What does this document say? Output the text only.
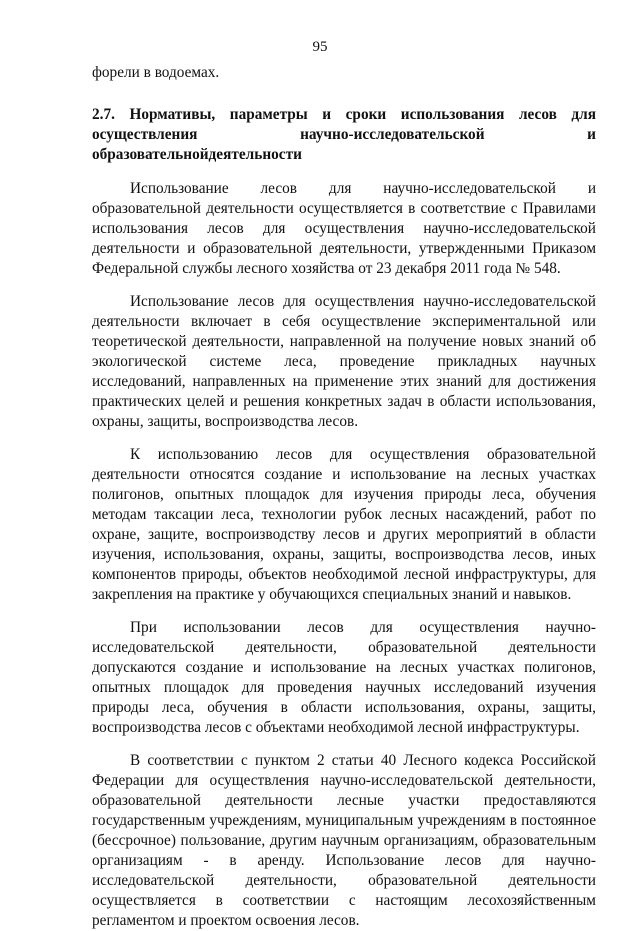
95

форели в водоемах.

2.7. Нормативы, параметры и сроки использования лесов для осуществления научно-исследовательской и
образовательнойдеятельности

Использование лесов для научно-исследовательской и образовательной деятельности осуществляется в соответствие с Правилами использования лесов для осуществления научно-исследовательской деятельности и образовательной деятельности, утвержденными Приказом Федеральной службы лесного хозяйства от 23 декабря 2011 года № 548.

Использование лесов для осуществления научно-исследовательской деятельности включает в себя осуществление экспериментальной или теоретической деятельности, направленной на получение новых знаний об экологической системе леса, проведение прикладных научных исследований, направленных на применение этих знаний для достижения практических целей и решения конкретных задач в области использования, охраны, защиты, воспроизводства лесов.

К использованию лесов для осуществления образовательной деятельности относятся создание и использование на лесных участках полигонов, опытных площадок для изучения природы леса, обучения методам таксации леса, технологии рубок лесных насаждений, работ по охране, защите, воспроизводству лесов и других мероприятий в области изучения, использования, охраны, защиты, воспроизводства лесов, иных компонентов природы, объектов необходимой лесной инфраструктуры, для закрепления на практике у обучающихся специальных знаний и навыков.

При использовании лесов для осуществления научно-исследовательской деятельности, образовательной деятельности допускаются создание и использование на лесных участках полигонов, опытных площадок для проведения научных исследований изучения природы леса, обучения в области использования, охраны, защиты, воспроизводства лесов с объектами необходимой лесной инфраструктуры.

В соответствии с пунктом 2 статьи 40 Лесного кодекса Российской Федерации для осуществления научно-исследовательской деятельности, образовательной деятельности лесные участки предоставляются государственным учреждениям, муниципальным учреждениям в постоянное (бессрочное) пользование, другим научным организациям, образовательным организациям - в аренду. Использование лесов для научно-исследовательской деятельности, образовательной деятельности осуществляется в соответствии с настоящим лесохозяйственным регламентом и проектом освоения лесов.
